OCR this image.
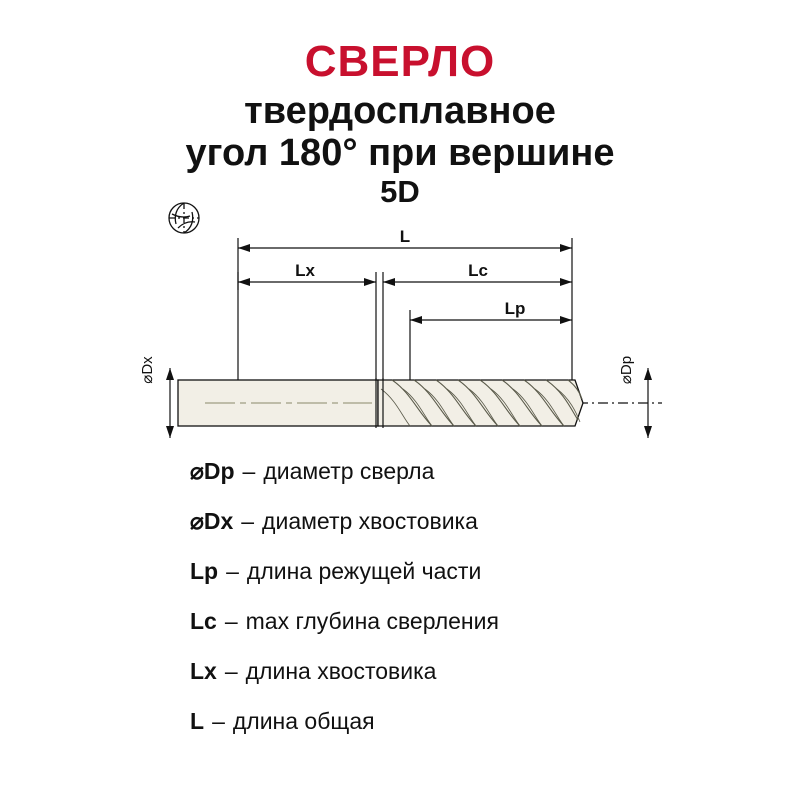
СВЕРЛО
твердосплавное
угол 180° при вершине
5D
L
Lx	Lc
Lp
⌀Dx	⌀Dp
⌀Dp – диаметр сверла
⌀Dx – диаметр хвостовика
Lp – длина режущей части
Lc – max глубина сверления
Lx – длина хвостовика
L – длина общая
